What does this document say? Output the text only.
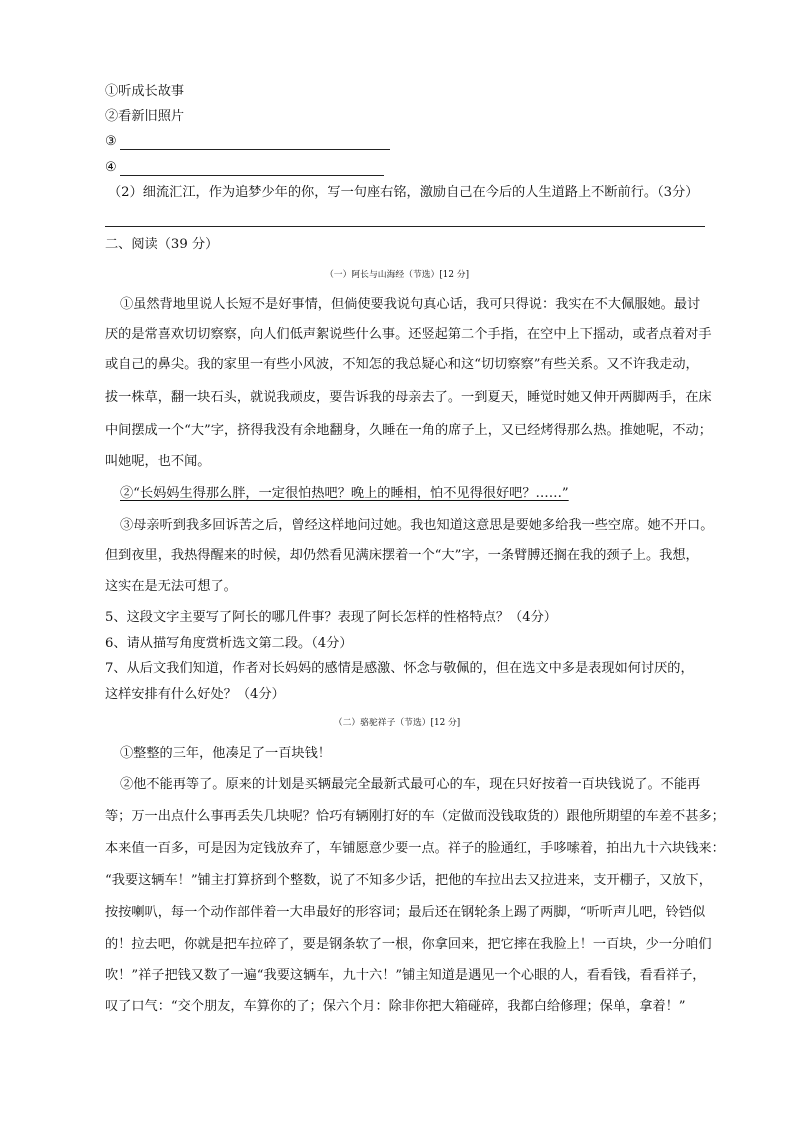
①听成长故事
②看新旧照片
③
④
（2）细流汇江，作为追梦少年的你，写一句座右铭，激励自己在今后的人生道路上不断前行。（3分）
二、阅读（39 分）
（一）阿长与山海经（节选）[12 分]
①虽然背地里说人长短不是好事情，但倘使要我说句真心话，我可只得说：我实在不大佩服她。最讨
厌的是常喜欢切切察察，向人们低声絮说些什么事。还竖起第二个手指，在空中上下摇动，或者点着对手
或自己的鼻尖。我的家里一有些小风波，不知怎的我总疑心和这“切切察察”有些关系。又不许我走动，
拔一株草，翻一块石头，就说我顽皮，要告诉我的母亲去了。一到夏天，睡觉时她又伸开两脚两手，在床
中间摆成一个“大”字，挤得我没有余地翻身，久睡在一角的席子上，又已经烤得那么热。推她呢，不动；
叫她呢，也不闻。
②“长妈妈生得那么胖，一定很怕热吧？晚上的睡相，怕不见得很好吧？……”
③母亲听到我多回诉苦之后，曾经这样地问过她。我也知道这意思是要她多给我一些空席。她不开口。
但到夜里，我热得醒来的时候，却仍然看见满床摆着一个“大”字，一条臂膊还搁在我的颈子上。我想，
这实在是无法可想了。
5、这段文字主要写了阿长的哪几件事？表现了阿长怎样的性格特点？（4分）
6、请从描写角度赏析选文第二段。（4分）
7、从后文我们知道，作者对长妈妈的感情是感激、怀念与敬佩的，但在选文中多是表现如何讨厌的，
这样安排有什么好处？（4分）
（二）骆驼祥子（节选）[12 分]
①整整的三年，他凑足了一百块钱！
②他不能再等了。原来的计划是买辆最完全最新式最可心的车，现在只好按着一百块钱说了。不能再
等；万一出点什么事再丢失几块呢？恰巧有辆刚打好的车（定做而没钱取货的）跟他所期望的车差不甚多；
本来值一百多，可是因为定钱放弃了，车铺愿意少要一点。祥子的脸通红，手哆嗦着，拍出九十六块钱来：
“我要这辆车！”铺主打算挤到个整数，说了不知多少话，把他的车拉出去又拉进来，支开棚子，又放下，
按按喇叭，每一个动作部伴着一大串最好的形容词；最后还在钢轮条上踢了两脚，“听听声儿吧，铃铛似
的！拉去吧，你就是把车拉碎了，要是钢条软了一根，你拿回来，把它摔在我脸上！一百块，少一分咱们
吹！”祥子把钱又数了一遍“我要这辆车，九十六！”铺主知道是遇见一个心眼的人，看看钱，看看祥子，
叹了口气：“交个朋友，车算你的了；保六个月：除非你把大箱碰碎，我都白给修理；保单，拿着！”
